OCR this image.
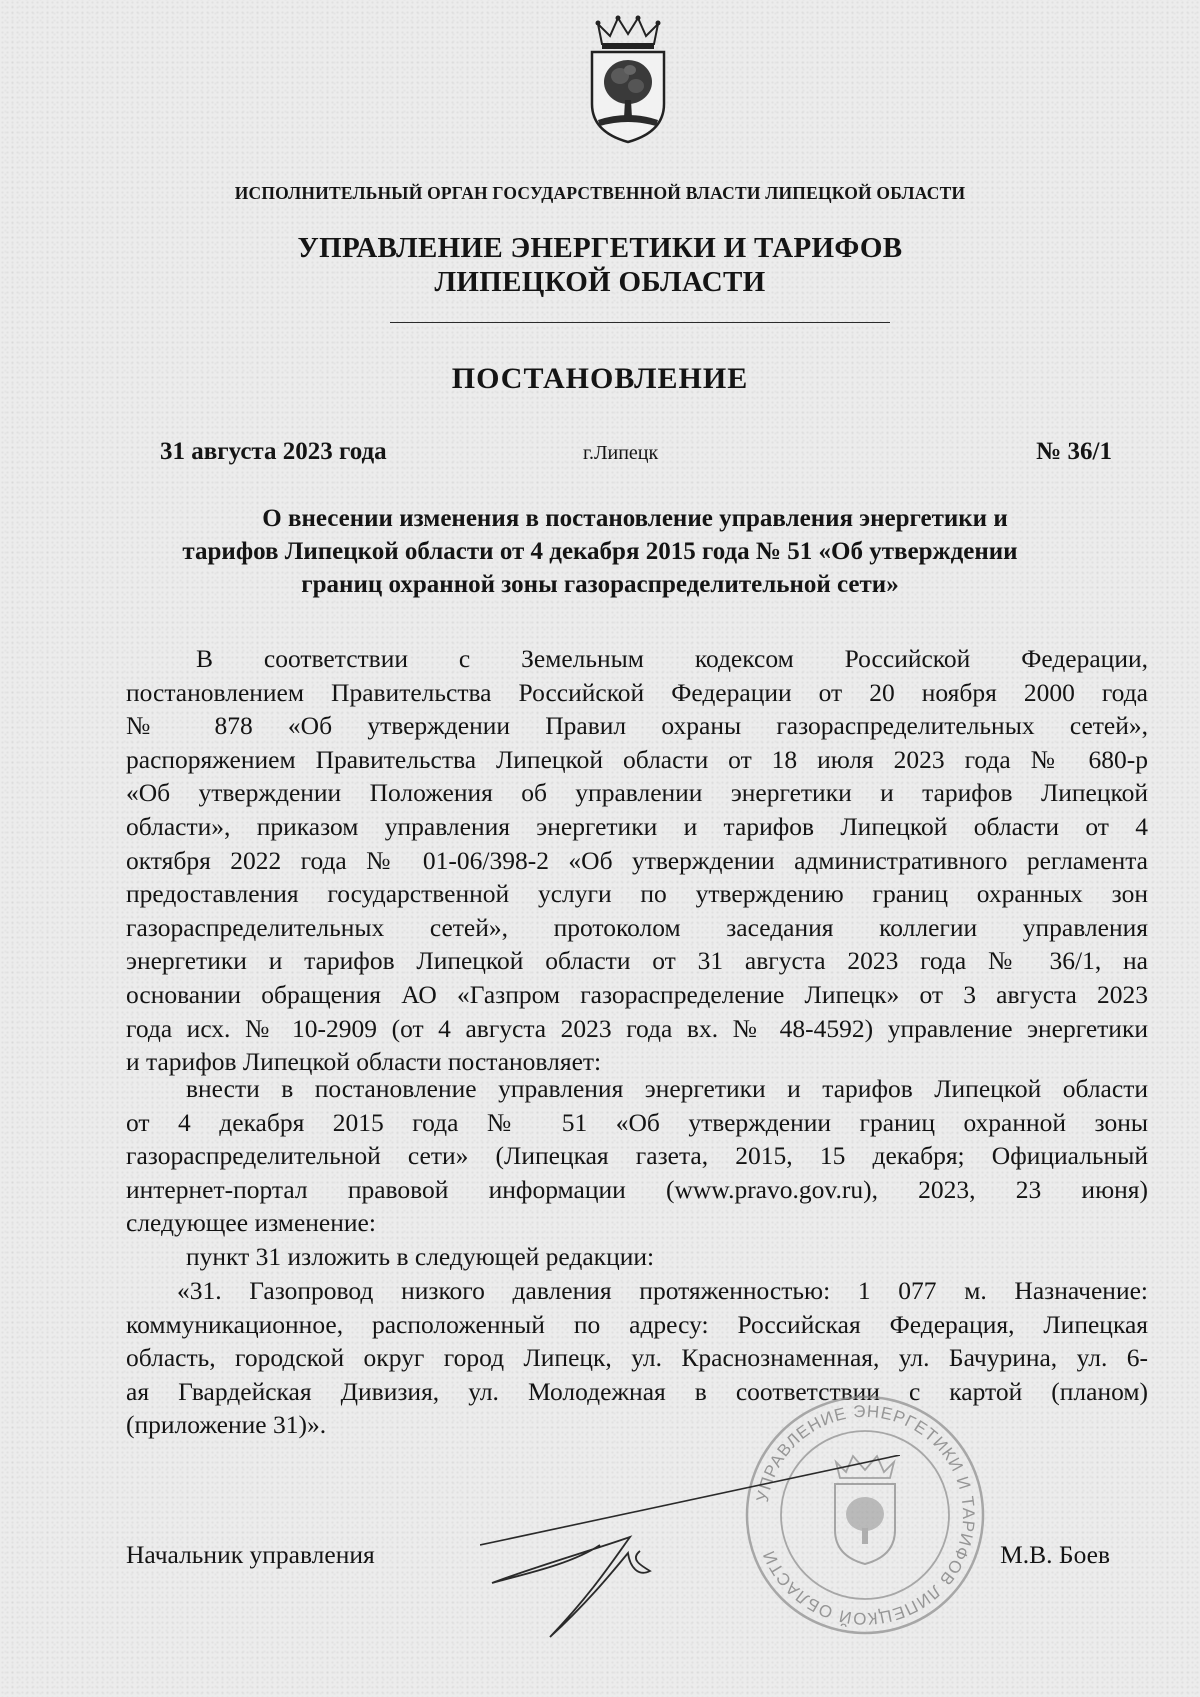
ИСПОЛНИТЕЛЬНЫЙ ОРГАН ГОСУДАРСТВЕННОЙ ВЛАСТИ ЛИПЕЦКОЙ ОБЛАСТИ
УПРАВЛЕНИЕ ЭНЕРГЕТИКИ И ТАРИФОВ
ЛИПЕЦКОЙ ОБЛАСТИ
ПОСТАНОВЛЕНИЕ
31 августа 2023 года	г.Липецк	№ 36/1
О внесении изменения в постановление управления энергетики и
тарифов Липецкой области от 4 декабря 2015 года № 51 «Об утверждении
границ охранной зоны газораспределительной сети»
В соответствии с Земельным кодексом Российской Федерации,
постановлением Правительства Российской Федерации от 20 ноября 2000 года
№ 878 «Об утверждении Правил охраны газораспределительных сетей»,
распоряжением Правительства Липецкой области от 18 июля 2023 года № 680-р
«Об утверждении Положения об управлении энергетики и тарифов Липецкой
области», приказом управления энергетики и тарифов Липецкой области от 4
октября 2022 года № 01-06/398-2 «Об утверждении административного регламента
предоставления государственной услуги по утверждению границ охранных зон
газораспределительных сетей», протоколом заседания коллегии управления
энергетики и тарифов Липецкой области от 31 августа 2023 года № 36/1, на
основании обращения АО «Газпром газораспределение Липецк» от 3 августа 2023
года исх. № 10-2909 (от 4 августа 2023 года вх. № 48-4592) управление энергетики
и тарифов Липецкой области постановляет:
внести в постановление управления энергетики и тарифов Липецкой области
от 4 декабря 2015 года № 51 «Об утверждении границ охранной зоны
газораспределительной сети» (Липецкая газета, 2015, 15 декабря; Официальный
интернет-портал правовой информации (www.pravo.gov.ru), 2023, 23 июня)
следующее изменение:
пункт 31 изложить в следующей редакции:
«31. Газопровод низкого давления протяженностью: 1 077 м. Назначение:
коммуникационное, расположенный по адресу: Российская Федерация, Липецкая
область, городской округ город Липецк, ул. Краснознаменная, ул. Бачурина, ул. 6-
ая Гвардейская Дивизия, ул. Молодежная в соответствии с картой (планом)
(приложение 31)».
УПРАВЛЕНИЕ ЭНЕРГЕТИКИ И ТАРИФОВ ЛИПЕЦКОЙ ОБЛАСТИ
Начальник управления	М.В. Боев
